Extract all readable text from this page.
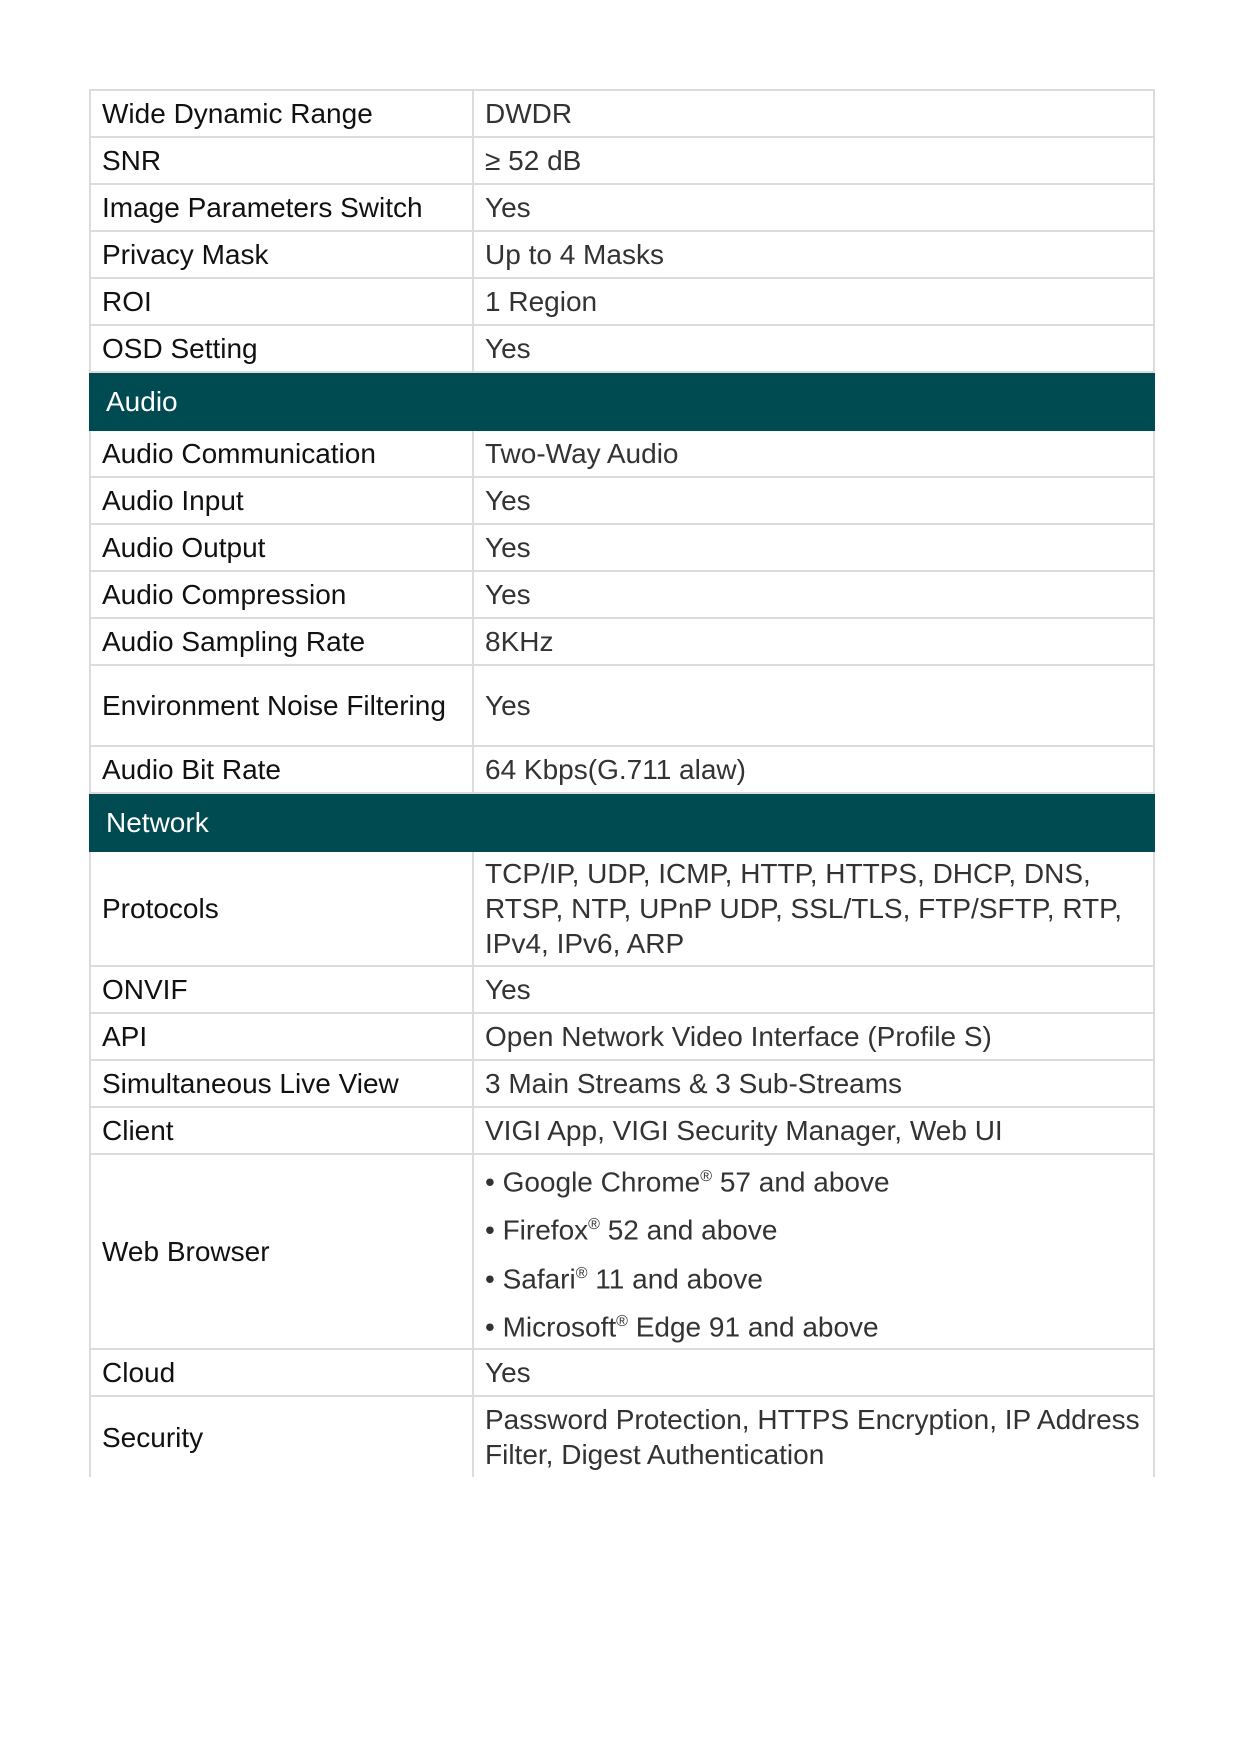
Wide Dynamic Range	DWDR
SNR	≥ 52 dB
Image Parameters Switch	Yes
Privacy Mask	Up to 4 Masks
ROI	1 Region
OSD Setting	Yes
Audio	
Audio Communication	Two-Way Audio
Audio Input	Yes
Audio Output	Yes
Audio Compression	Yes
Audio Sampling Rate	8KHz
Environment Noise Filtering	Yes
Audio Bit Rate	64 Kbps(G.711 alaw)
Network	
Protocols	TCP/IP, UDP, ICMP, HTTP, HTTPS, DHCP, DNS, RTSP, NTP, UPnP UDP, SSL/TLS, FTP/SFTP, RTP, IPv4, IPv6, ARP
ONVIF	Yes
API	Open Network Video Interface (Profile S)
Simultaneous Live View	3 Main Streams & 3 Sub-Streams
Client	VIGI App, VIGI Security Manager, Web UI
Web Browser	• Google Chrome® 57 and above
• Firefox® 52 and above
• Safari® 11 and above
• Microsoft® Edge 91 and above

Cloud	Yes
Security	Password Protection, HTTPS Encryption, IP Address Filter, Digest Authentication
